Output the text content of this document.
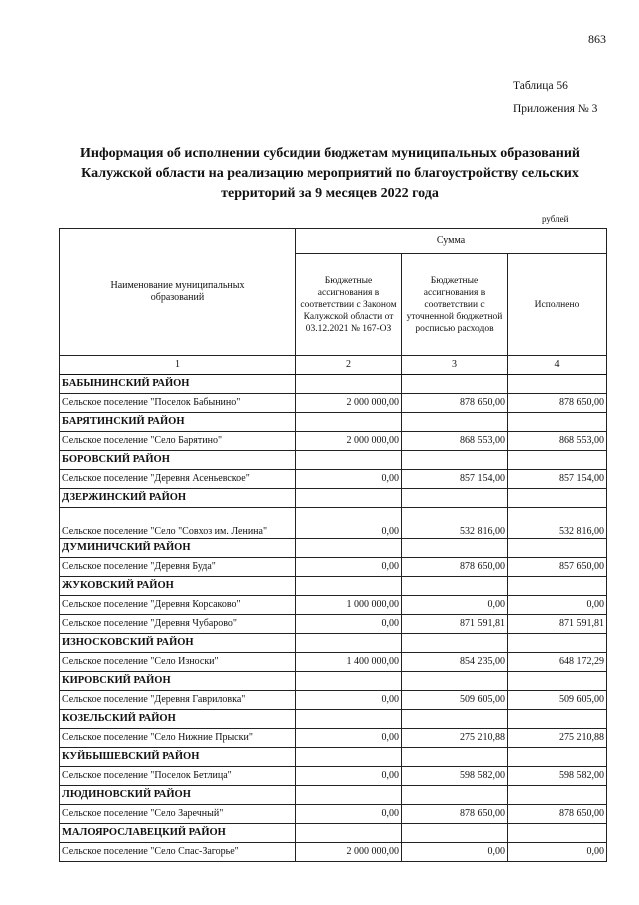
863
Таблица 56
Приложения № 3
Информация об исполнении субсидии бюджетам муниципальных образований Калужской области на реализацию мероприятий по благоустройству сельских территорий за 9 месяцев 2022 года
рублей
Наименование муниципальных образований	Сумма		
	Бюджетные ассигнования в соответствии с Законом Калужской области от 03.12.2021 № 167-ОЗ	Бюджетные ассигнования в соответствии с уточненной бюджетной росписью расходов	Исполнено
1	2	3	4
БАБЫНИНСКИЙ РАЙОН			
Сельское поселение "Поселок Бабынино"	2 000 000,00	878 650,00	878 650,00
БАРЯТИНСКИЙ РАЙОН			
Сельское поселение "Село Барятино"	2 000 000,00	868 553,00	868 553,00
БОРОВСКИЙ РАЙОН			
Сельское поселение "Деревня Асеньевское"	0,00	857 154,00	857 154,00
ДЗЕРЖИНСКИЙ РАЙОН			
Сельское поселение "Село "Совхоз им. Ленина"	0,00	532 816,00	532 816,00
ДУМИНИЧСКИЙ РАЙОН			
Сельское поселение "Деревня Буда"	0,00	878 650,00	857 650,00
ЖУКОВСКИЙ РАЙОН			
Сельское поселение "Деревня Корсаково"	1 000 000,00	0,00	0,00
Сельское поселение "Деревня Чубарово"	0,00	871 591,81	871 591,81
ИЗНОСКОВСКИЙ РАЙОН			
Сельское поселение "Село Износки"	1 400 000,00	854 235,00	648 172,29
КИРОВСКИЙ РАЙОН			
Сельское поселение "Деревня Гавриловка"	0,00	509 605,00	509 605,00
КОЗЕЛЬСКИЙ РАЙОН			
Сельское поселение "Село Нижние Прыски"	0,00	275 210,88	275 210,88
КУЙБЫШЕВСКИЙ РАЙОН			
Сельское поселение "Поселок Бетлица"	0,00	598 582,00	598 582,00
ЛЮДИНОВСКИЙ РАЙОН			
Сельское поселение "Село Заречный"	0,00	878 650,00	878 650,00
МАЛОЯРОСЛАВЕЦКИЙ РАЙОН			
Сельское поселение "Село Спас-Загорье"	2 000 000,00	0,00	0,00
